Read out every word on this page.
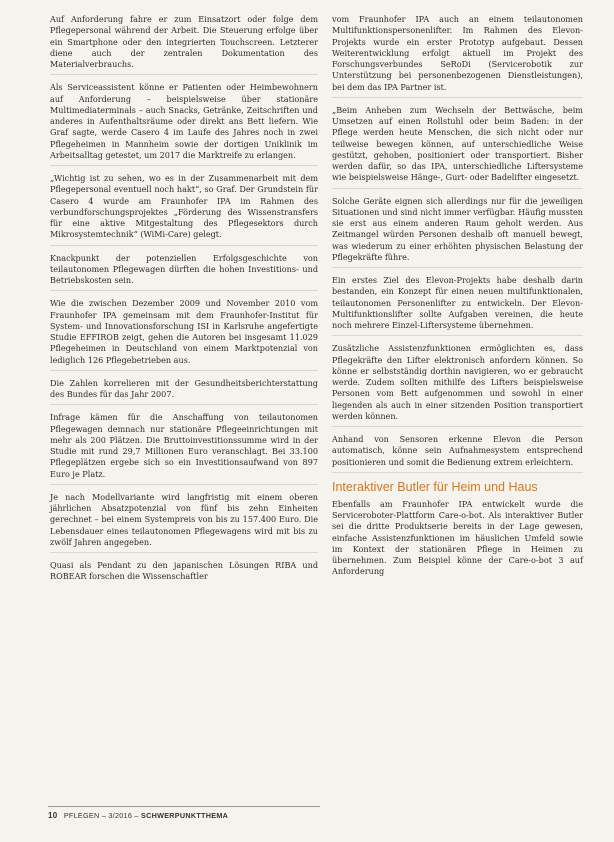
Auf Anforderung fahre er zum Einsatzort oder folge dem Pflegepersonal während der Arbeit. Die Steuerung erfolge über ein Smartphone oder den integrierten Touchscreen. Letzterer diene auch der zentralen Dokumentation des Materialverbrauchs.

Als Serviceassistent könne er Patienten oder Heimbewohnern auf Anforderung – beispielsweise über stationäre Multimediaterminals – auch Snacks, Getränke, Zeitschriften und anderes in Aufenthaltsräume oder direkt ans Bett liefern. Wie Graf sagte, werde Casero 4 im Laufe des Jahres noch in zwei Pflegeheimen in Mannheim sowie der dortigen Uniklinik im Arbeitsalltag getestet, um 2017 die Marktreife zu erlangen.

„Wichtig ist zu sehen, wo es in der Zusammenarbeit mit dem Pflegepersonal eventuell noch hakt“, so Graf. Der Grundstein für Casero 4 wurde am Fraunhofer IPA im Rahmen des verbundforschungsprojektes „Förderung des Wissenstransfers für eine aktive Mitgestaltung des Pflegesektors durch Mikrosystemtechnik“ (WiMi-Care) gelegt.

Knackpunkt der potenziellen Erfolgsgeschichte von teilautonomen Pflegewagen dürften die hohen Investitions- und Betriebskosten sein.

Wie die zwischen Dezember 2009 und November 2010 vom Fraunhofer IPA gemeinsam mit dem Fraunhofer-Institut für System- und Innovationsforschung ISI in Karlsruhe angefertigte Studie EFFIROB zeigt, gehen die Autoren bei insgesamt 11.029 Pflegeheimen in Deutschland von einem Marktpotenzial von lediglich 126 Pflegebetrieben aus.

Die Zahlen korrelieren mit der Gesundheitsberichterstattung des Bundes für das Jahr 2007.

Infrage kämen für die Anschaffung von teilautonomen Pflegewagen demnach nur stationäre Pflegeeinrichtungen mit mehr als 200 Plätzen. Die Bruttoinvestitionssumme wird in der Studie mit rund 29,7 Millionen Euro veranschlagt. Bei 33.100 Pflegeplätzen ergebe sich so ein Investitionsaufwand von 897 Euro je Platz.

Je nach Modellvariante wird langfristig mit einem oberen jährlichen Absatzpotenzial von fünf bis zehn Einheiten gerechnet – bei einem Systempreis von bis zu 157.400 Euro. Die Lebensdauer eines teilautonomen Pflegewagens wird mit bis zu zwölf Jahren angegeben.

Quasi als Pendant zu den japanischen Lösungen RIBA und ROBEAR forschen die Wissenschaftler

vom Fraunhofer IPA auch an einem teilautonomen Multifunktionspersonenlifter. Im Rahmen des Elevon-Projekts wurde ein erster Prototyp aufgebaut. Dessen Weiterentwicklung erfolgt aktuell im Projekt des Forschungsverbundes SeRoDi (Servicerobotik zur Unterstützung bei personenbezogenen Dienstleistungen), bei dem das IPA Partner ist.

„Beim Anheben zum Wechseln der Bettwäsche, beim Umsetzen auf einen Rollstuhl oder beim Baden: in der Pflege werden heute Menschen, die sich nicht oder nur teilweise bewegen können, auf unterschiedliche Weise gestützt, gehoben, positioniert oder transportiert. Bisher werden dafür, so das IPA, unterschiedliche Liftersysteme wie beispielsweise Hänge-, Gurt- oder Badelifter eingesetzt.

Solche Geräte eignen sich allerdings nur für die jeweiligen Situationen und sind nicht immer verfügbar. Häufig mussten sie erst aus einem anderen Raum geholt werden. Aus Zeitmangel würden Personen deshalb oft manuell bewegt, was wiederum zu einer erhöhten physischen Belastung der Pflegekräfte führe.

Ein erstes Ziel des Elevon-Projekts habe deshalb darin bestanden, ein Konzept für einen neuen multifunktionalen, teilautonomen Personenlifter zu entwickeln. Der Elevon-Multifunktionslifter sollte Aufgaben vereinen, die heute noch mehrere Einzel-Liftersysteme übernehmen.

Zusätzliche Assistenzfunktionen ermöglichten es, dass Pflegekräfte den Lifter elektronisch anfordern können. So könne er selbstständig dorthin navigieren, wo er gebraucht werde. Zudem sollten mithilfe des Lifters beispielsweise Personen vom Bett aufgenommen und sowohl in einer liegenden als auch in einer sitzenden Position transportiert werden können.

Anhand von Sensoren erkenne Elevon die Person automatisch, könne sein Aufnahmesystem entsprechend positionieren und somit die Bedienung extrem erleichtern.

Interaktiver Butler für Heim und Haus

Ebenfalls am Fraunhofer IPA entwickelt wurde die Serviceroboter-Plattform Care-o-bot. Als interaktiver Butler sei die dritte Produktserie bereits in der Lage gewesen, einfache Assistenzfunktionen im häuslichen Umfeld sowie im Kontext der stationären Pflege in Heimen zu übernehmen. Zum Beispiel könne der Care-o-bot 3 auf Anforderung

10 PFLEGEN – 3/2016 – SCHWERPUNKTTHEMA
